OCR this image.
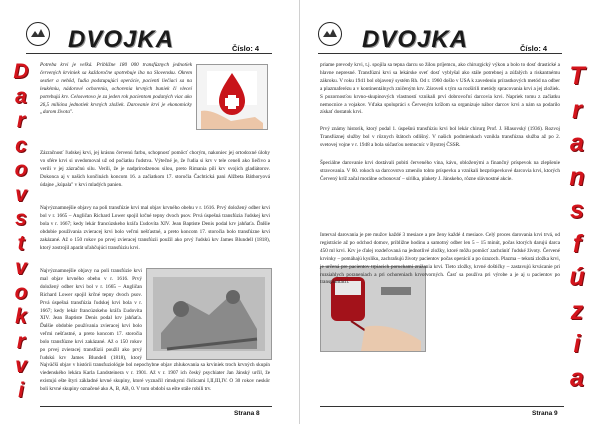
DVOJKA	Číslo: 4
D
a
r
c
o
v
s
t
v
o
k
r
v
i

Potreba krvi je veľká. Približne 180 000 transfúznych jednotiek červených krviniek sa každoročne spotrebuje iba na Slovensku. Okrem sestier a nehôd, ľudia podstupujúci operácie, pacienti liečiaci sa na leukémiu, nádorové ochorenia, ochorenia krvných buniek či vleceí potrebujú krv. Celosvetovo je za jeden rok pacientom podaných viac ako 26,5 milióna jednotiek krvných zložiek. Darovanie krvi je ekonomicky „darom života".

Zázračnosť ľudskej krvi, jej krásnu červenú farbu, schopnosť pomôcť chorým, nakoniec jej ortodoxné úlohy vo sfére krvi si uvedomoval už od počiatku ľudstva. Výtečné je, že ľudia si krv v tele ceneli ako liečivo a verili v jej zázračnú silu. Verili, že je nadprirodzenou silou, preto Rimania pili krv svojich gladiátorov. Dokonca aj v našich končinách koncom 16. a začiatkom 17. storočia Čachtická pani Alžbeta Báthoryová údajne „kúpala" v krvi mladých panien.

Najvýznamnejšie objavy na poli transfúzie krvi mal objav krvného obehu v r. 1616. Prvý doložený odber krvi bol v r. 1665 – Angličan Richard Lower spojil krčné tepny dvoch psov. Prvá úspešná transfúzia ľudskej krvi bola v r. 1667; kedy lekár francúzskeho kráľa Ľudovíta XIV. Jean Baptiste Denis podal krv jahňaťa. Ďalšie obdobie používania zvieracej krvi bolo veľmi nešťastné, a preto koncom 17. storočia bolo transfúzne krvi zakázané. Až o 150 rokov po prvej zvieracej transfúzii použil ako prvý ľudskú krv James Blundell (1818), ktorý zostrojil aparát uľahčujúci transfúziu krvi.

Najvýznamnejšie objavy na poli transfúzie krvi mal objav krvného obehu v r. 1616. Prvý doložený odber krvi bol v r. 1665 – Angličan Richard Lower spojil krčné tepny dvoch psov. Prvá úspešná transfúzia ľudskej krvi bola v r. 1667; kedy lekár francúzskeho kráľa Ľudovíta XIV. Jean Baptiste Denis podal krv jahňaťa. Ďalšie obdobie používania zvieracej krvi bolo veľmi nešťastné, a preto koncom 17. storočia bolo transfúzne krvi zakázané. Až o 150 rokov po prvej zvieracej transfúzii použil ako prvý ľudskú krv James Blundell (1818), ktorý

Najväčší objav v histórii transfuziológie bol nepochybne objav zhlukovania sa krviniek troch krvných skupín viedenského lekára Karla Landsteinera v r. 1901. Až v r. 1907 ich český psychiater Jan Jánský určil, že existujú ešte štyri základné krvné skupiny, ktoré vyznačil rímskymi číslicami I,II,III,IV. O 30 rokov neskôr boli krvné skupiny označené ako A, B, AB, 0. V tom období sa ešte stále robili trv.

Strana 8
DVOJKA	Číslo: 4
T
r
a
n
s
f
ú
z
i
a

priame prevody krvi, t.j. spojila sa tepna darcu so žilou príjemcu, ako chirurgický výkon a bolo to dosť drastické a hlavne nepresné. Transfúzni krvi sa lekárske sveť dosť vyblyšal ako stále potrebnej a zúfalých a riskantnému zákroku. V roku 1941 bol objavený systém Rh. Od r. 1960 došlo v USA k zavedeniu prírastkových metód na odber a plazmaferézu a v kontinentálnych zničeným krv. Zároveň s tým sa rozšírili metódy spracovania krvi a jej zložiek. S pozornosťou krvno-skupinových vlastností vznikali prví dobrovoľní darcovia krvi. Napriek tomu z začiatku nemocnice a vojakov. Vďaka spolupráci s Červeným krížom sa organizuje nábor darcov krvi a nám sa podarilo získať dostatok krvi.

Prvý známy historik, ktorý podal 1. úspešnú transfúziu krvi bol lekár chirurg Prof. J. Hlasovský (1936). Rozvoj Transfúznej služby bol v rôznych štátoch odlišný. V našich podmienkach vznikla transfúzna služba až po 2. svetovej vojne v r. 1948 a bola súčasťou nemocníc v Bystrej ČSSR.

Špeciálne darovanie krvi dostávali pobiti červeného vína, kávu, obloženými a finančný príspevok na zlepšenie stravovania. V 60. rokoch sa darcovstvo zmenilo tohto príspevku a vznikali bezpríspevkové darcovia krvi, ktorých Červený kríž začal morálne ocbonovať – sírilka, plakety J. Jánskeho, rôzne slávnostné akcie.

Interval darovania je pre mužov každé 3 mesiace a pre ženy každé 4 mesiace. Celý proces darovania krvi trvá, od registrácie až po odchod domov, približne hodinu a samotný odber len 5 – 15 minút, počas ktorých darujú darca 450 ml krvi. Krv je ďalej rozdeľovaná na jednotlivé zložky, ktoré môžu pomôcť zachrániť ľudské životy. Červené krvinky – pomáhajú kyslíku, zachraňujú životy pacientov počas operácií a po úrazoch. Plazma – tekutá zložka krvi, je určená pre pacientov trpiacich poruchami zrážania krvi. Tieto zložky, krvné doštičky – zastavujú krvácanie pri rozsiahlych poraneniach a pri ochoreniach krvotvorných. Časť sa používa pri výrobe a je aj u pacientov po transplantácii.

Strana 9
